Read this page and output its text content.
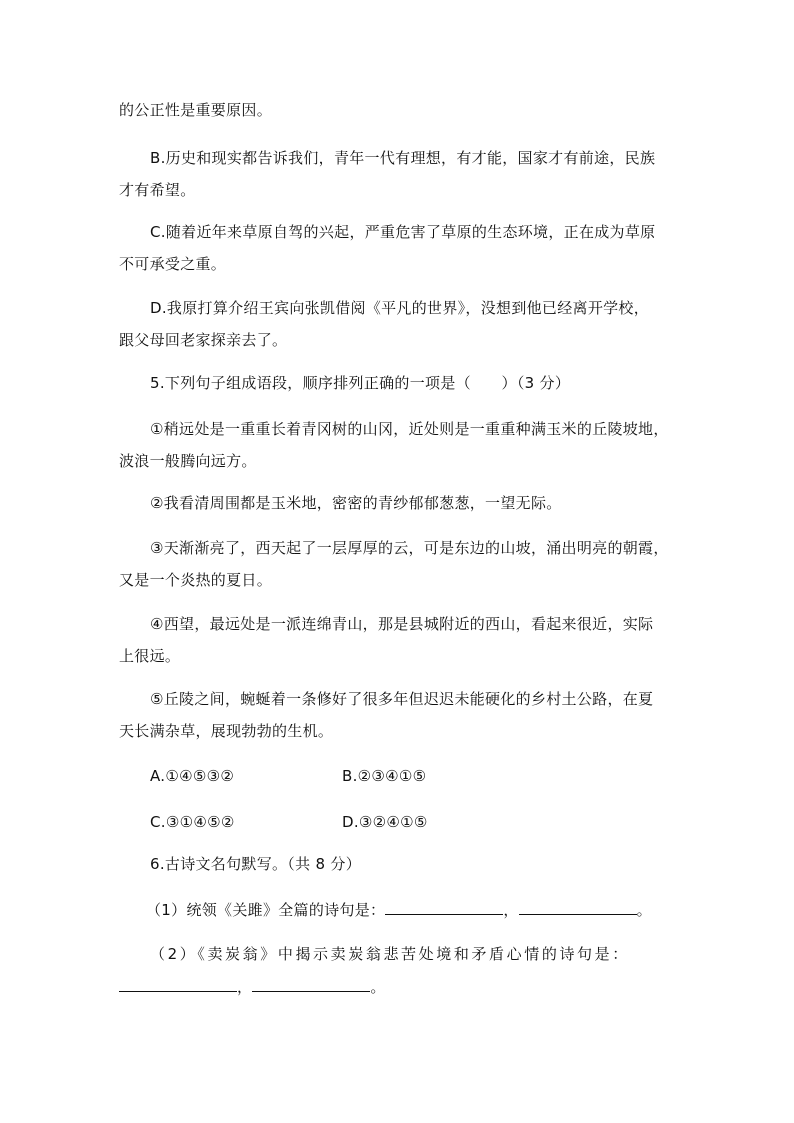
的公正性是重要原因。
B.历史和现实都告诉我们，青年一代有理想，有才能，国家才有前途，民族
才有希望。
C.随着近年来草原自驾的兴起，严重危害了草原的生态环境，正在成为草原
不可承受之重。
D.我原打算介绍王宾向张凯借阅《平凡的世界》，没想到他已经离开学校，
跟父母回老家探亲去了。
5.下列句子组成语段，顺序排列正确的一项是（　　）（3 分）
①稍远处是一重重长着青冈树的山冈，近处则是一重重种满玉米的丘陵坡地，
波浪一般腾向远方。
②我看清周围都是玉米地，密密的青纱郁郁葱葱，一望无际。
③天渐渐亮了，西天起了一层厚厚的云，可是东边的山坡，涌出明亮的朝霞，
又是一个炎热的夏日。
④西望，最远处是一派连绵青山，那是县城附近的西山，看起来很近，实际
上很远。
⑤丘陵之间，蜿蜒着一条修好了很多年但迟迟未能硬化的乡村土公路，在夏
天长满杂草，展现勃勃的生机。
A.①④⑤③②	B.②③④①⑤
C.③①④⑤②	D.③②④①⑤
6.古诗文名句默写。（共 8 分）
（1）统领《关雎》全篇的诗句是：	，	。
（2）《卖炭翁》中揭示卖炭翁悲苦处境和矛盾心情的诗句是：
，	。
